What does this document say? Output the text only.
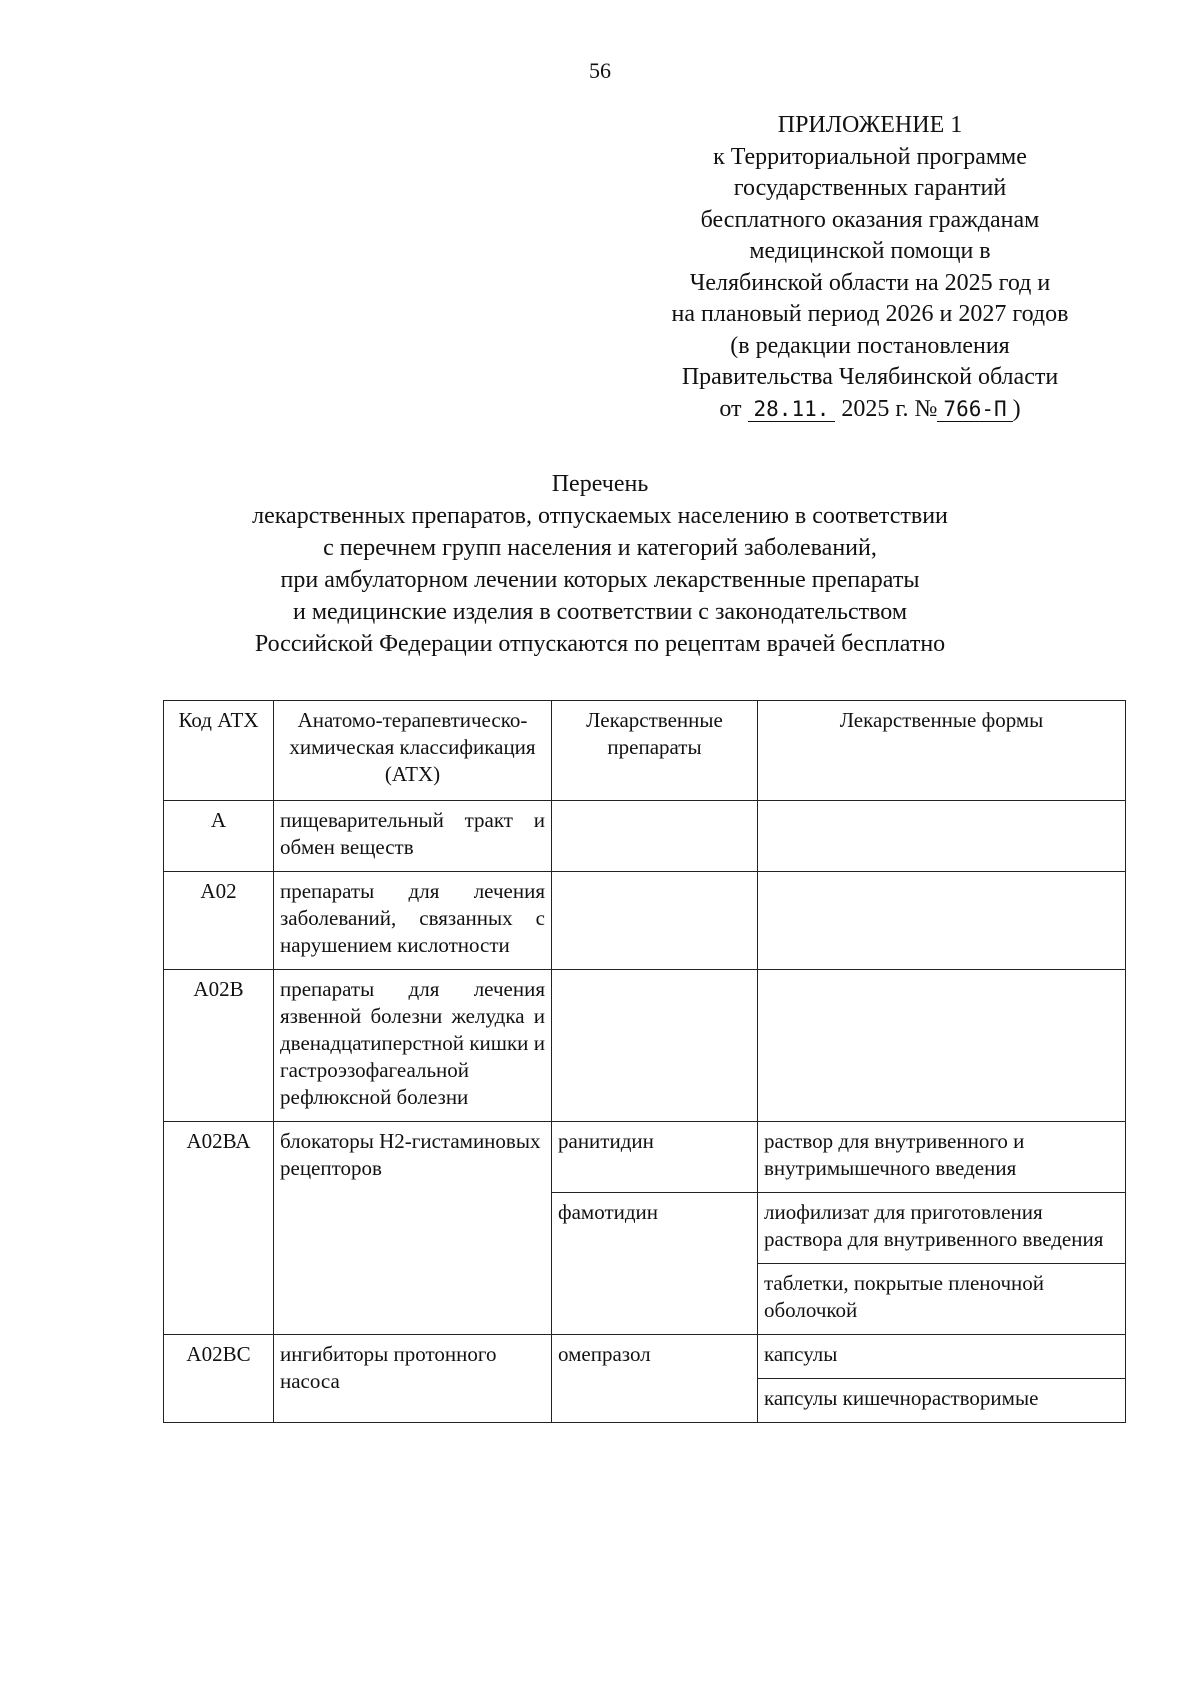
56
ПРИЛОЖЕНИЕ 1
к Территориальной программе
государственных гарантий
бесплатного оказания гражданам
медицинской помощи в
Челябинской области на 2025 год и
на плановый период 2026 и 2027 годов
(в редакции постановления
Правительства Челябинской области
от 28.11. 2025 г. № 766-П )
Перечень
лекарственных препаратов, отпускаемых населению в соответствии
с перечнем групп населения и категорий заболеваний,
при амбулаторном лечении которых лекарственные препараты
и медицинские изделия в соответствии с законодательством
Российской Федерации отпускаются по рецептам врачей бесплатно
Код АТХ	Анатомо-терапевтическо-химическая классификация (АТХ)	Лекарственные препараты	Лекарственные формы
А	пищеварительный тракт и обмен веществ		
А02	препараты для лечения заболеваний, связанных с нарушением кислотности		
А02В	препараты для лечения язвенной болезни желудка и двенадцатиперстной кишки и гастроэзофагеальной рефлюксной болезни		
А02ВА	блокаторы Н2-гистаминовых рецепторов	ранитидин	раствор для внутривенного и внутримышечного введения
		фамотидин	лиофилизат для приготовления раствора для внутривенного введения
			таблетки, покрытые пленочной оболочкой
А02ВС	ингибиторы протонного насоса	омепразол	капсулы
			капсулы кишечнорастворимые
